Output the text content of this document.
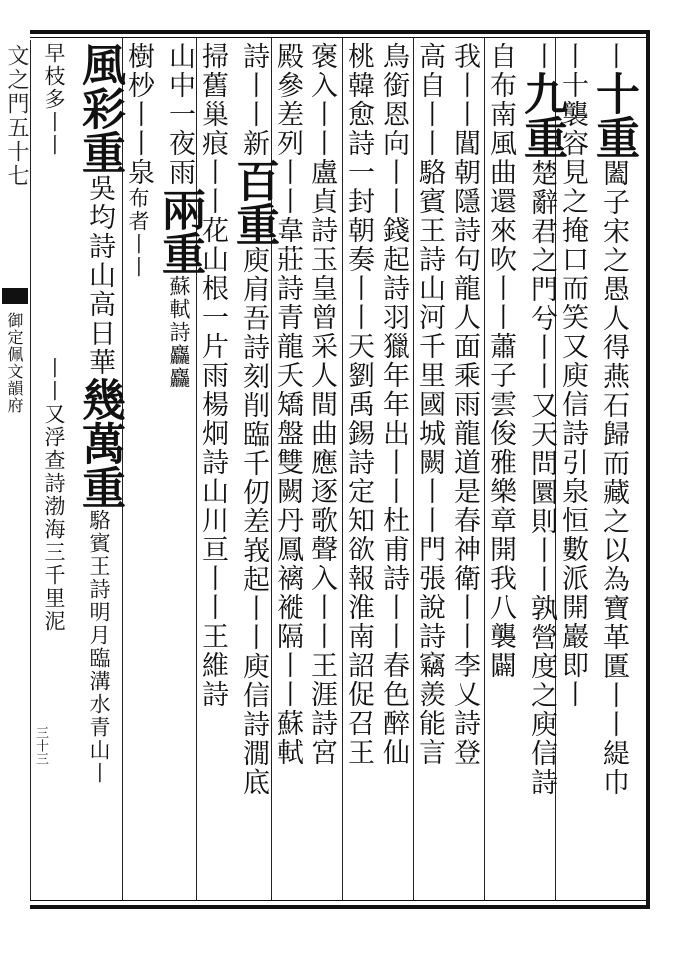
文之門五十七
御定佩文韻府
三十三
丨十重闔子宋之愚人得燕石歸而藏之以為寶革匱丨丨緹巾
丨十襲容見之掩口而笑又庾信詩引泉恒數派開巖即丨
丨九重楚辭君之門兮丨丨又天問圜則丨丨孰營度之庾信詩
自布南風曲還來吹丨丨蕭子雲俊雅樂章開我八襲闢
我丨丨閶朝隱詩句龍人面乘雨龍道是春神衛丨丨李乂詩登
高自丨丨駱賓王詩山河千里國城闕丨丨門張說詩竊羨能言
鳥銜恩向丨丨錢起詩羽獵年年出丨丨杜甫詩丨丨春色醉仙
桃韓愈詩一封朝奏丨丨天劉禹錫詩定知欲報淮南詔促召王
褒入丨丨盧貞詩玉皇曾采人間曲應逐歌聲入丨丨王涯詩宮
殿參差列丨丨韋莊詩青龍夭矯盤雙闕丹鳳褵褷隔丨丨蘇軾
詩丨丨新百重庾肩吾詩刻削臨千仞差峩起丨丨庾信詩㵎底
掃舊巢痕丨丨花山根一片雨楊炯詩山川亘丨丨王維詩
山中一夜雨兩重蘇軾詩麤麤
樹杪丨丨泉布者丨丨
風彩重吳均詩山高日華幾萬重駱賓王詩明月臨溝水青山丨
早枝多丨丨丨丨又浮查詩渤海三千里泥
